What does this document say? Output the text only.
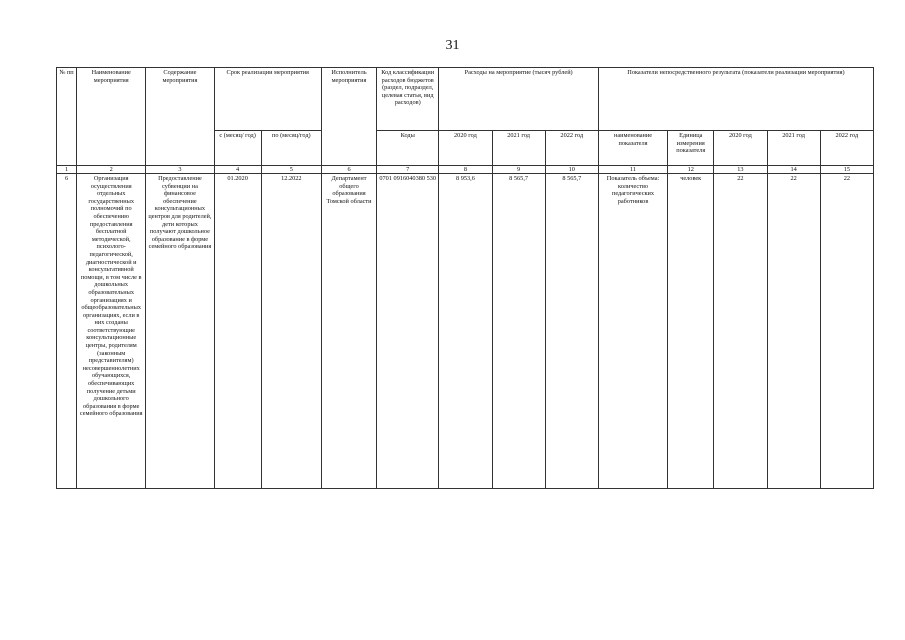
31
№ пп	Наименование мероприятия	Содержание мероприятия	Срок реализации мероприятия		Исполнитель мероприятия	Код классификации расходов бюджетов (раздел, подраздел, целевая статья, вид расходов)	Расходы на мероприятие (тысяч рублей)			Показатели непосредственного результата (показатели реализации мероприятия)				
			с (месяц/ год)	по (месяц/год)		Коды	2020 год	2021 год	2022 год	наименование показателя	Единица измерения показателя	2020 год	2021 год	2022 год
1	2	3	4	5	6	7	8	9	10	11	12	13	14	15
6	Организация осуществления отдельных государственных полномочий по обеспечению предоставления бесплатной методической, психолого-педагогической, диагностической и консультативной помощи, в том числе в дошкольных образовательных организациях и общеобразовательных организациях, если в них созданы соответствующие консультационные центры, родителям (законным представителям) несовершеннолетних обучающихся, обеспечивающих получение детьми дошкольного образования в форме семейного образования	Предоставление субвенции на финансовое обеспечение консультационных центров для родителей, дети которых получают дошкольное образование в форме семейного образования	01.2020	12.2022	Департамент общего образования Томской области	0701 0916040380 530	8 953,6	8 565,7	8 565,7	Показатель объема: количество педагогических работников	человек	22	22	22
